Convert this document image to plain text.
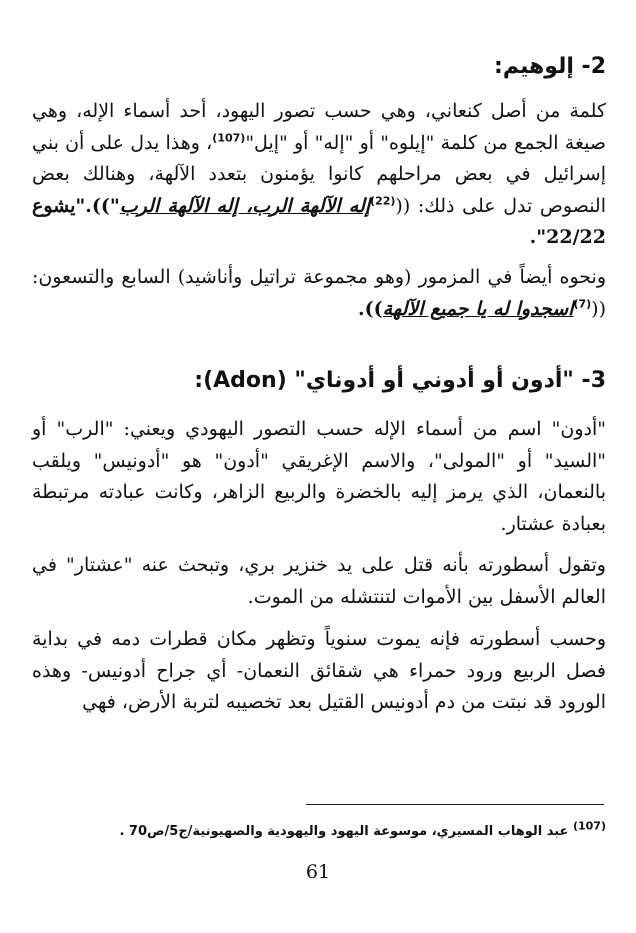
2- إلوهيم:
كلمة من أصل كنعاني، وهي حسب تصور اليهود، أحد أسماء الإله، وهي صيغة الجمع من كلمة "إيلوه" أو "إله" أو "إيل"$^{(107)}$، وهذا يدل على أن بني إسرائيل في بعض مراحلهم كانوا يؤمنون بتعدد الآلهة، وهنالك بعض النصوص تدل على ذلك: (($^{(22)}$إله الآلهة الرب، إله الآلهة الرب"))."يشوع 22/22".
ونحوه أيضاً في المزمور (وهو مجموعة تراتيل وأناشيد) السابع والتسعون: (($^{(7)}$اسجدوا له يا جميع الآلهة)).
3- "أدون أو أدوني أو أدوناي" (Adon):
"أدون" اسم من أسماء الإله حسب التصور اليهودي ويعني: "الرب" أو "السيد" أو "المولى"، والاسم الإغريقي "أدون" هو "أدونيس" ويلقب بالنعمان، الذي يرمز إليه بالخضرة والربيع الزاهر، وكانت عبادته مرتبطة بعبادة عشتار.
وتقول أسطورته بأنه قتل على يد خنزير بري، وتبحث عنه "عشتار" في العالم الأسفل بين الأموات لتنتشله من الموت.
وحسب أسطورته فإنه يموت سنوياً وتظهر مكان قطرات دمه في بداية فصل الربيع ورود حمراء هي شقائق النعمان- أي جراح أدونيس- وهذه الورود قد نبتت من دم أدونيس القتيل بعد تخصيبه لتربة الأرض، فهي
$^{(107)}$ عبد الوهاب المسيري، موسوعة اليهود واليهودية والصهيونية/ج5/ص70 .
61
